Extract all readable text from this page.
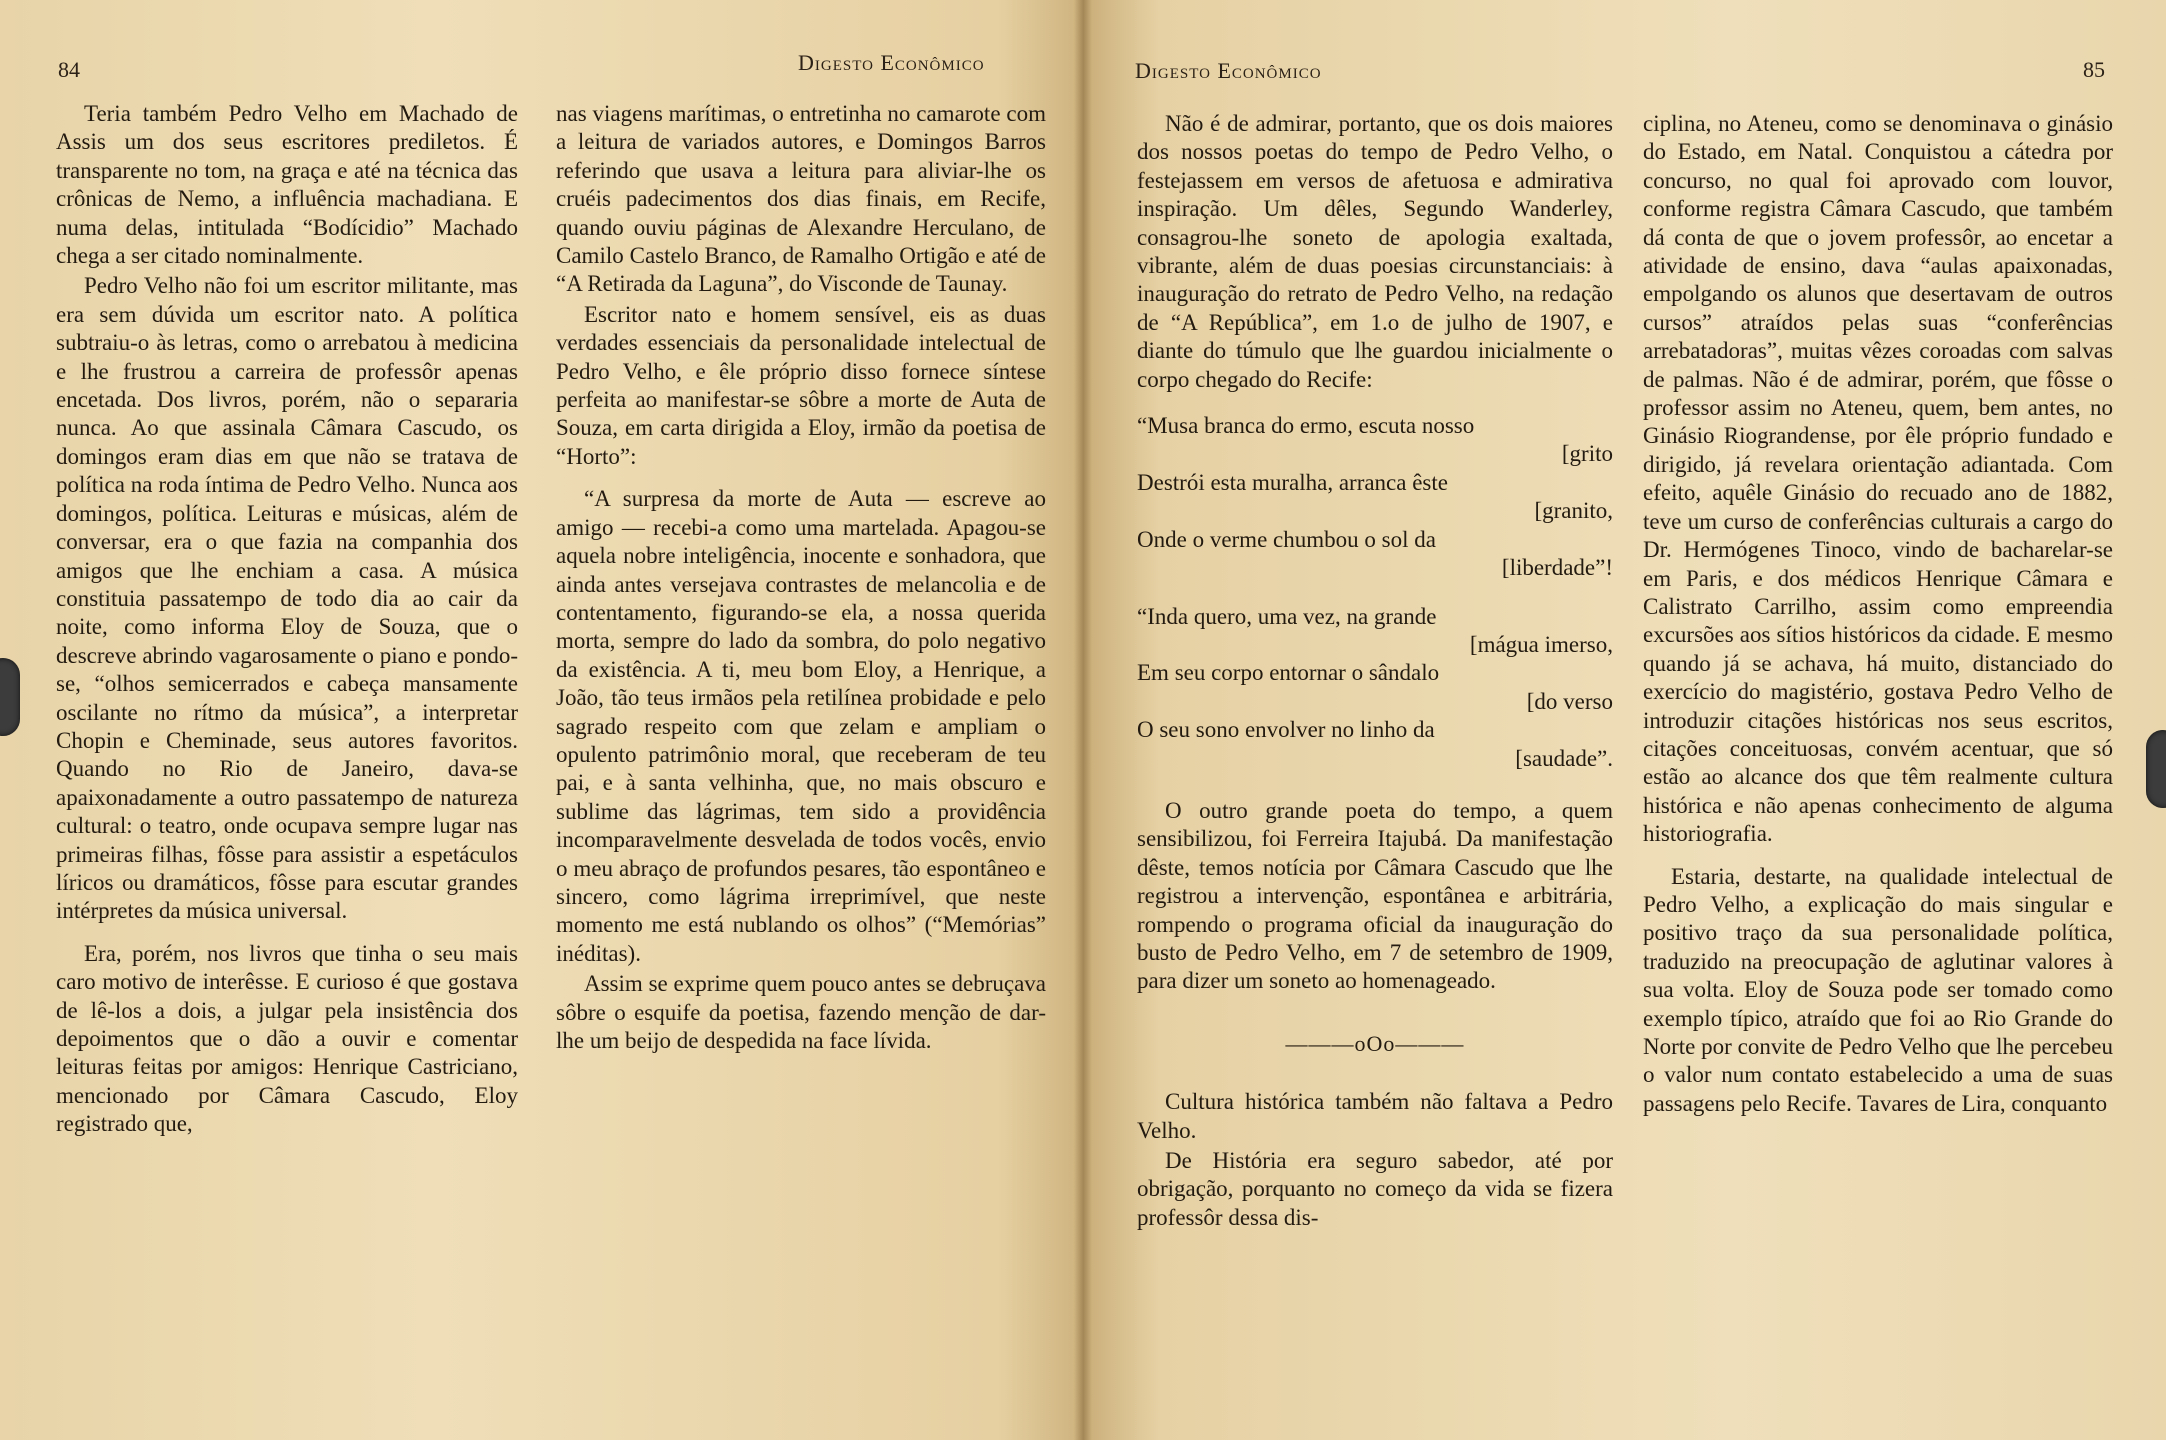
84	Digesto Econômico

Teria também Pedro Velho em Machado de Assis um dos seus escritores prediletos. É transparente no tom, na graça e até na técnica das crônicas de Nemo, a influência machadiana. E numa delas, intitulada “Bodícidio” Machado chega a ser citado nominalmente.

Pedro Velho não foi um escritor militante, mas era sem dúvida um escritor nato. A política subtraiu-o às letras, como o arrebatou à medicina e lhe frustrou a carreira de professôr apenas encetada. Dos livros, porém, não o separaria nunca. Ao que assinala Câmara Cascudo, os domingos eram dias em que não se tratava de política na roda íntima de Pedro Velho. Nunca aos domingos, política. Leituras e músicas, além de conversar, era o que fazia na companhia dos amigos que lhe enchiam a casa. A música constituia passatempo de todo dia ao cair da noite, como informa Eloy de Souza, que o descreve abrindo vagarosamente o piano e pondo-se, “olhos semicerrados e cabeça mansamente oscilante no rítmo da música”, a interpretar Chopin e Cheminade, seus autores favoritos. Quando no Rio de Janeiro, dava-se apaixonadamente a outro passatempo de natureza cultural: o teatro, onde ocupava sempre lugar nas primeiras filhas, fôsse para assistir a espetáculos líricos ou dramáticos, fôsse para escutar grandes intérpretes da música universal.

Era, porém, nos livros que tinha o seu mais caro motivo de interêsse. E curioso é que gostava de lê-los a dois, a julgar pela insistência dos depoimentos que o dão a ouvir e comentar leituras feitas por amigos: Henrique Castriciano, mencionado por Câmara Cascudo, Eloy registrado que,

nas viagens marítimas, o entretinha no camarote com a leitura de variados autores, e Domingos Barros referindo que usava a leitura para aliviar-lhe os cruéis padecimentos dos dias finais, em Recife, quando ouviu páginas de Alexandre Herculano, de Camilo Castelo Branco, de Ramalho Ortigão e até de “A Retirada da Laguna”, do Visconde de Taunay.

Escritor nato e homem sensível, eis as duas verdades essenciais da personalidade intelectual de Pedro Velho, e êle próprio disso fornece síntese perfeita ao manifestar-se sôbre a morte de Auta de Souza, em carta dirigida a Eloy, irmão da poetisa de “Horto”:

“A surpresa da morte de Auta — escreve ao amigo — recebi-a como uma martelada. Apagou-se aquela nobre inteligência, inocente e sonhadora, que ainda antes versejava contrastes de melancolia e de contentamento, figurando-se ela, a nossa querida morta, sempre do lado da sombra, do polo negativo da existência. A ti, meu bom Eloy, a Henrique, a João, tão teus irmãos pela retilínea probidade e pelo sagrado respeito com que zelam e ampliam o opulento patrimônio moral, que receberam de teu pai, e à santa velhinha, que, no mais obscuro e sublime das lágrimas, tem sido a providência incomparavelmente desvelada de todos vocês, envio o meu abraço de profundos pesares, tão espontâneo e sincero, como lágrima irreprimível, que neste momento me está nublando os olhos” (“Memórias” inéditas).

Assim se exprime quem pouco antes se debruçava sôbre o esquife da poetisa, fazendo menção de dar-lhe um beijo de despedida na face lívida.

Digesto Econômico	85

Não é de admirar, portanto, que os dois maiores dos nossos poetas do tempo de Pedro Velho, o festejassem em versos de afetuosa e admirativa inspiração. Um dêles, Segundo Wanderley, consagrou-lhe soneto de apologia exaltada, vibrante, além de duas poesias circunstanciais: à inauguração do retrato de Pedro Velho, na redação de “A República”, em 1.o de julho de 1907, e diante do túmulo que lhe guardou inicialmente o corpo chegado do Recife:

“Musa branca do ermo, escuta nosso
[grito
Destrói esta muralha, arranca êste
[granito,
Onde o verme chumbou o sol da
[liberdade”!
“Inda quero, uma vez, na grande
[mágua imerso,
Em seu corpo entornar o sândalo
[do verso
O seu sono envolver no linho da
[saudade”.

O outro grande poeta do tempo, a quem sensibilizou, foi Ferreira Itajubá. Da manifestação dêste, temos notícia por Câmara Cascudo que lhe registrou a intervenção, espontânea e arbitrária, rompendo o programa oficial da inauguração do busto de Pedro Velho, em 7 de setembro de 1909, para dizer um soneto ao homenageado.

———oOo———

Cultura histórica também não faltava a Pedro Velho.

De História era seguro sabedor, até por obrigação, porquanto no começo da vida se fizera professôr dessa dis-

ciplina, no Ateneu, como se denominava o ginásio do Estado, em Natal. Conquistou a cátedra por concurso, no qual foi aprovado com louvor, conforme registra Câmara Cascudo, que também dá conta de que o jovem professôr, ao encetar a atividade de ensino, dava “aulas apaixonadas, empolgando os alunos que desertavam de outros cursos” atraídos pelas suas “conferências arrebatadoras”, muitas vêzes coroadas com salvas de palmas. Não é de admirar, porém, que fôsse o professor assim no Ateneu, quem, bem antes, no Ginásio Riograndense, por êle próprio fundado e dirigido, já revelara orientação adiantada. Com efeito, aquêle Ginásio do recuado ano de 1882, teve um curso de conferências culturais a cargo do Dr. Hermógenes Tinoco, vindo de bacharelar-se em Paris, e dos médicos Henrique Câmara e Calistrato Carrilho, assim como empreendia excursões aos sítios históricos da cidade. E mesmo quando já se achava, há muito, distanciado do exercício do magistério, gostava Pedro Velho de introduzir citações históricas nos seus escritos, citações conceituosas, convém acentuar, que só estão ao alcance dos que têm realmente cultura histórica e não apenas conhecimento de alguma historiografia.

Estaria, destarte, na qualidade intelectual de Pedro Velho, a explicação do mais singular e positivo traço da sua personalidade política, traduzido na preocupação de aglutinar valores à sua volta. Eloy de Souza pode ser tomado como exemplo típico, atraído que foi ao Rio Grande do Norte por convite de Pedro Velho que lhe percebeu o valor num contato estabelecido a uma de suas passagens pelo Recife. Tavares de Lira, conquanto
